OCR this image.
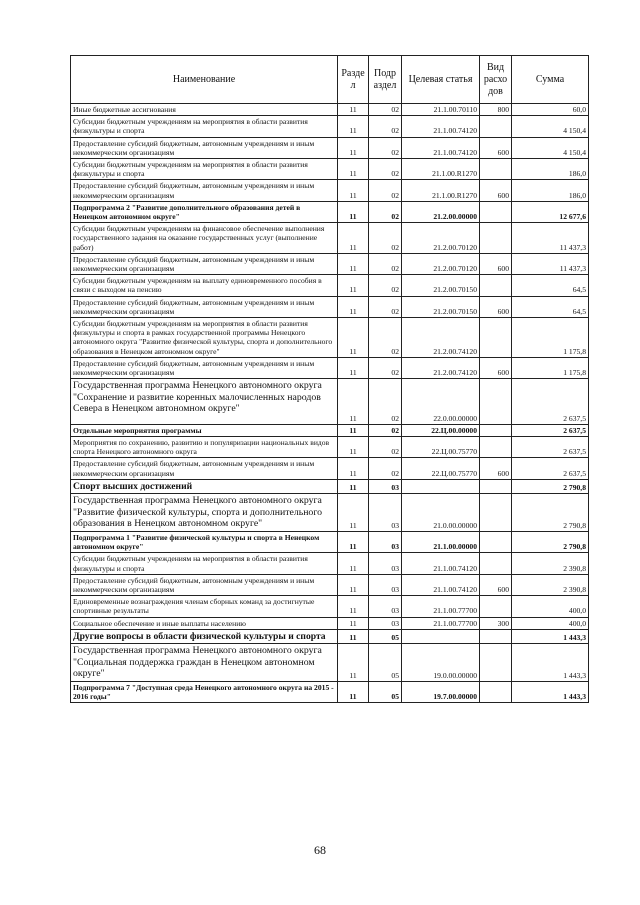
Наименование	Разде л	Подр аздел	Целевая статья	Вид расхо дов	Сумма
Иные бюджетные ассигнования	11	02	21.1.00.70110	800	60,0
Субсидии бюджетным учреждениям на мероприятия в области развития физкультуры и спорта	11	02	21.1.00.74120		4 150,4
Предоставление субсидий бюджетным, автономным учреждениям и иным некоммерческим организациям	11	02	21.1.00.74120	600	4 150,4
Субсидии бюджетным учреждениям на мероприятия в области развития физкультуры и спорта	11	02	21.1.00.R1270		186,0
Предоставление субсидий бюджетным, автономным учреждениям и иным некоммерческим организациям	11	02	21.1.00.R1270	600	186,0
Подпрограмма 2 "Развитие дополнительного образования детей в Ненецком автономном округе"	11	02	21.2.00.00000		12 677,6
Субсидии бюджетным учреждениям на финансовое обеспечение выполнения государственного задания на оказание государственных услуг (выполнение работ)	11	02	21.2.00.70120		11 437,3
Предоставление субсидий бюджетным, автономным учреждениям и иным некоммерческим организациям	11	02	21.2.00.70120	600	11 437,3
Субсидии бюджетным учреждениям на выплату единовременного пособия в связи с выходом на пенсию	11	02	21.2.00.70150		64,5
Предоставление субсидий бюджетным, автономным учреждениям и иным некоммерческим организациям	11	02	21.2.00.70150	600	64,5
Субсидии бюджетным учреждениям на мероприятия в области развития физкультуры и спорта в рамках государственной программы Ненецкого автономного округа "Развитие физической культуры, спорта и дополнительного образования в Ненецком автономном округе"	11	02	21.2.00.74120		1 175,8
Предоставление субсидий бюджетным, автономным учреждениям и иным некоммерческим организациям	11	02	21.2.00.74120	600	1 175,8
Государственная программа Ненецкого автономного округа "Сохранение и развитие коренных малочисленных народов Севера в Ненецком автономном округе"	11	02	22.0.00.00000		2 637,5
Отдельные мероприятия программы	11	02	22.Ц.00.00000		2 637,5
Мероприятия по сохранению, развитию и популяризации национальных видов спорта Ненецкого автономного округа	11	02	22.Ц.00.75770		2 637,5
Предоставление субсидий бюджетным, автономным учреждениям и иным некоммерческим организациям	11	02	22.Ц.00.75770	600	2 637,5
Спорт высших достижений	11	03			2 790,8
Государственная программа Ненецкого автономного округа "Развитие физической культуры, спорта и дополнительного образования в Ненецком автономном округе"	11	03	21.0.00.00000		2 790,8
Подпрограмма 1 "Развитие физической культуры и спорта в Ненецком автономном округе"	11	03	21.1.00.00000		2 790,8
Субсидии бюджетным учреждениям на мероприятия в области развития физкультуры и спорта	11	03	21.1.00.74120		2 390,8
Предоставление субсидий бюджетным, автономным учреждениям и иным некоммерческим организациям	11	03	21.1.00.74120	600	2 390,8
Единовременные вознаграждения членам сборных команд за достигнутые спортивные результаты	11	03	21.1.00.77700		400,0
Социальное обеспечение и иные выплаты населению	11	03	21.1.00.77700	300	400,0
Другие вопросы в области физической культуры и спорта	11	05			1 443,3
Государственная программа Ненецкого автономного округа "Социальная поддержка граждан в Ненецком автономном округе"	11	05	19.0.00.00000		1 443,3
Подпрограмма 7 "Доступная среда Ненецкого автономного округа на 2015 - 2016 годы"	11	05	19.7.00.00000		1 443,3
68
